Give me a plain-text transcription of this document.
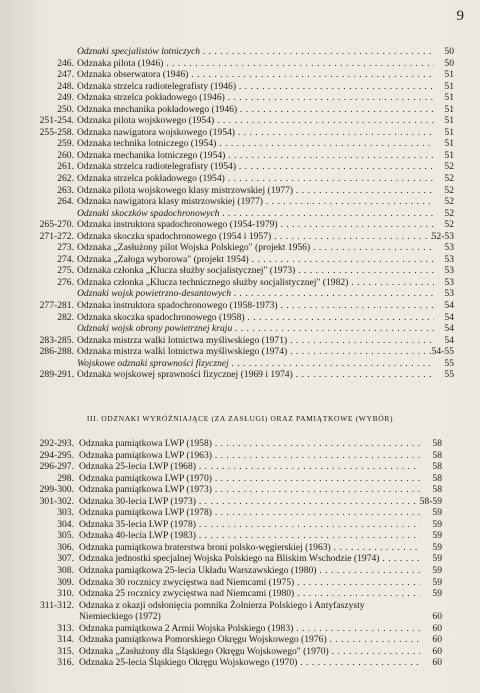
9
Odznaki specjalistów lotniczych . . .	50
246. Odznaka pilota (1946) . . .	50
247. Odznaka obserwatora (1946) . . .	51
248. Odznaka strzelca radiotelegrafisty (1946) . . .	51
249. Odznaka strzelca pokładowego (1946) . . .	51
250. Odznaka mechanika pokładowego (1946) . . .	51
251-254. Odznaka pilota wojskowego (1954) . . .	51
255-258. Odznaka nawigatora wojskowego (1954) . . .	51
259. Odznaka technika lotniczego (1954) . . .	51
260. Odznaka mechanika lotniczego (1954) . . .	51
261. Odznaka strzelca radiotelegrafisty (1954) . . .	52
262. Odznaka strzelca pokładowego (1954) . . .	52
263. Odznaka pilota wojskowego klasy mistrzowskiej (1977) . . .	52
264. Odznaka nawigatora klasy mistrzowskiej (1977) . . .	52
Odznaki skoczków spadochronowych . . .	52
265-270. Odznaka instruktora spadochronowego (1954-1979) . . .	52
271-272. Odznaka skoczka spadochronowego (1954 i 1957) . . .	52-53
273. Odznaka „Zasłużony pilot Wojska Polskiego" (projekt 1956) . . .	53
274. Odznaka „Załoga wyborowa" (projekt 1954) . . .	53
275. Odznaka członka „Klucza służby socjalistycznej" (1973) . . .	53
276. Odznaka członka „Klucza technicznego służby socjalistycznej" (1982) . . .	53
Odznaki wojsk powietrzno-desantowych . . .	53
277-281. Odznaka instruktora spadochronowego (1958-1973) . . .	54
282. Odznaka skoczka spadochronowego (1958) . . .	54
Odznaki wojsk obrony powietrznej kraju . . .	54
283-285. Odznaka mistrza walki lotnictwa myśliwskiego (1971) . . .	54
286-288. Odznaka mistrza walki lotnictwa myśliwskiego (1974) . . .	54-55
Wojskowe odznaki sprawności fizycznej . . .	55
289-291. Odznaka wojskowej sprawności fizycznej (1969 i 1974) . . .	55
III. ODZNAKI WYRÓŻNIAJĄCE (ZA ZASŁUGI) ORAZ PAMIĄTKOWE (WYBÓR)
292-293. Odznaka pamiątkowa LWP (1958) . . .	58
294-295. Odznaka pamiątkowa LWP (1963) . . .	58
296-297. Odznaka 25-lecia LWP (1968) . . .	58
298. Odznaka pamiątkowa LWP (1970) . . .	58
299-300. Odznaka pamiątkowa LWP (1973) . . .	58
301-302. Odznaka 30-lecia LWP (1973) . . .	58-59
303. Odznaka pamiątkowa LWP (1978) . . .	59
304. Odznaka 35-lecia LWP (1978) . . .	59
305. Odznaka 40-lecia LWP (1983) . . .	59
306. Odznaka pamiątkowa braterstwa broni polsko-węgierskiej (1963) . . .	59
307. Odznaka jednostki specjalnej Wojska Polskiego na Bliskim Wschodzie (1974) . . .	59
308. Odznaka pamiątkowa 25-lecia Układu Warszawskiego (1980) . . .	59
309. Odznaka 30 rocznicy zwycięstwa nad Niemcami (1975) . . .	59
310. Odznaka 25 rocznicy zwycięstwa nad Niemcami (1980) . . .	59
311-312. Odznaka z okazji odsłonięcia pomnika Żołnierza Polskiego i Antyfaszysty Niemieckiego (1972)	60
313. Odznaka pamiątkowa 2 Armii Wojska Polskiego (1983) . . .	60
314. Odznaka pamiątkowa Pomorskiego Okręgu Wojskowego (1976) . . .	60
315. Odznaka „Zasłużony dla Śląskiego Okręgu Wojskowego" (1970) . . .	60
316. Odznaka 25-lecia Śląskiego Okręgu Wojskowego (1970) . . .	60
